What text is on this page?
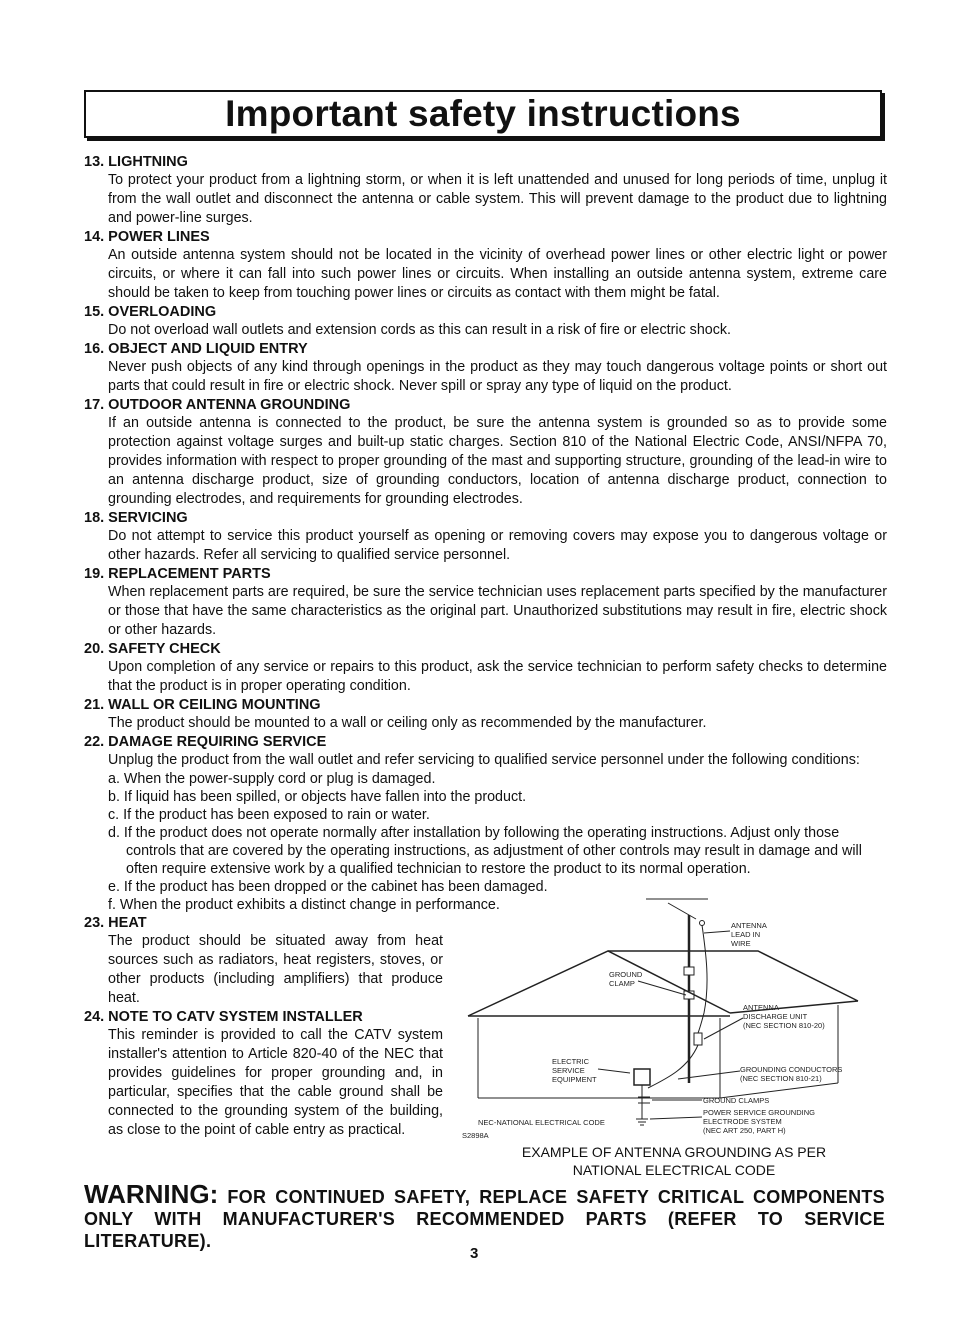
Important safety instructions

13. LIGHTNING

To protect your product from a lightning storm, or when it is left unattended and unused for long periods of time, unplug it from the wall outlet and disconnect the antenna or cable system. This will prevent damage to the product due to lightning and power-line surges.

14. POWER LINES

An outside antenna system should not be located in the vicinity of overhead power lines or other electric light or power circuits, or where it can fall into such power lines or circuits. When installing an outside antenna system, extreme care should be taken to keep from touching power lines or circuits as contact with them might be fatal.

15. OVERLOADING

Do not overload wall outlets and extension cords as this can result in a risk of fire or electric shock.

16. OBJECT AND LIQUID ENTRY

Never push objects of any kind through openings in the product as they may touch dangerous voltage points or short out parts that could result in fire or electric shock. Never spill or spray any type of liquid on the product.

17. OUTDOOR ANTENNA GROUNDING

If an outside antenna is connected to the product, be sure the antenna system is grounded so as to provide some protection against voltage surges and built-up static charges. Section 810 of the National Electric Code, ANSI/NFPA 70, provides information with respect to proper grounding of the mast and supporting structure, grounding of the lead-in wire to an antenna discharge product, size of grounding conductors, location of antenna discharge product, connection to grounding electrodes, and requirements for grounding electrodes.

18. SERVICING

Do not attempt to service this product yourself as opening or removing covers may expose you to dangerous voltage or other hazards. Refer all servicing to qualified service personnel.

19. REPLACEMENT PARTS

When replacement parts are required, be sure the service technician uses replacement parts specified by the manufacturer or those that have the same characteristics as the original part. Unauthorized substitutions may result in fire, electric shock or other hazards.

20. SAFETY CHECK

Upon completion of any service or repairs to this product, ask the service technician to perform safety checks to determine that the product is in proper operating condition.

21. WALL OR CEILING MOUNTING

The product should be mounted to a wall or ceiling only as recommended by the manufacturer.

22. DAMAGE REQUIRING SERVICE

Unplug the product from the wall outlet and refer servicing to qualified service personnel under the following conditions:

a. When the power-supply cord or plug is damaged.

b. If liquid has been spilled, or objects have fallen into the product.

c. If the product has been exposed to rain or water.

d. If the product does not operate normally after installation by following the operating instructions. Adjust only those controls that are covered by the operating instructions, as adjustment of other controls may result in damage and will often require extensive work by a qualified technician to restore the product to its normal operation.

e. If the product has been dropped or the cabinet has been damaged.

f. When the product exhibits a distinct change in performance.

23. HEAT

The product should be situated away from heat sources such as radiators, heat registers, stoves, or other products (including amplifiers) that produce heat.

24. NOTE TO CATV SYSTEM INSTALLER

This reminder is provided to call the CATV system installer's attention to Article 820-40 of the NEC that provides guidelines for proper grounding and, in particular, specifies that the cable ground shall be connected to the grounding system of the building, as close to the point of cable entry as practical.

ANTENNA
LEAD IN
WIRE
GROUND
CLAMP
ANTENNA
DISCHARGE UNIT
(NEC SECTION 810-20)
ELECTRIC
SERVICE
EQUIPMENT
GROUNDING CONDUCTORS
(NEC SECTION 810-21)
GROUND CLAMPS
POWER SERVICE GROUNDING
ELECTRODE SYSTEM
(NEC ART 250, PART H)
NEC-NATIONAL ELECTRICAL CODE
S2898A
EXAMPLE OF ANTENNA GROUNDING AS PER
NATIONAL ELECTRICAL CODE
WARNING: FOR CONTINUED SAFETY, REPLACE SAFETY CRITICAL COMPONENTS ONLY WITH MANUFACTURER'S RECOMMENDED PARTS (REFER TO SERVICE LITERATURE).
3
